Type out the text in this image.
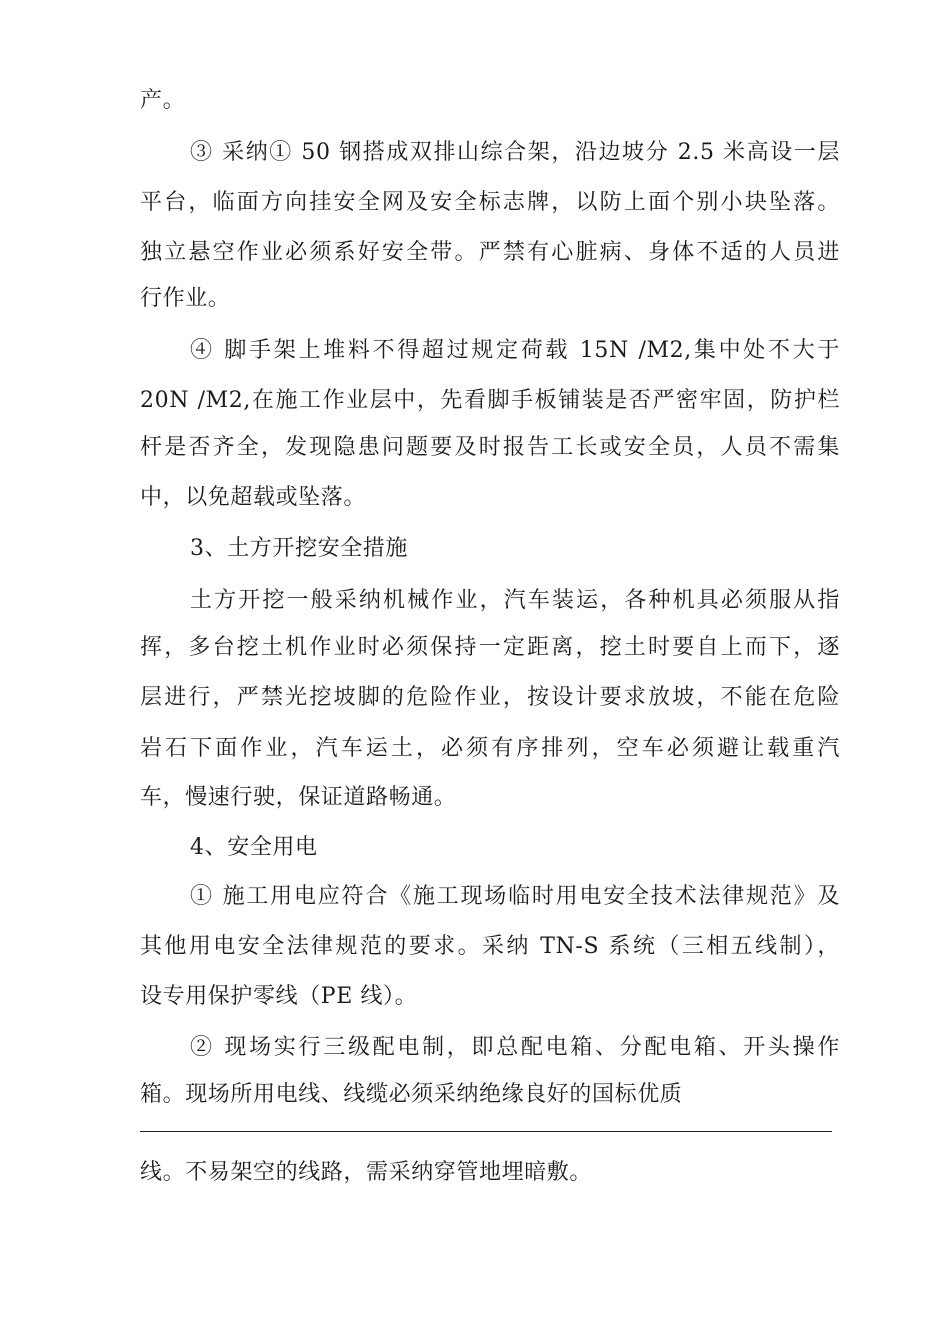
产。
③ 采纳① 50 钢搭成双排山综合架，沿边坡分 2.5 米高设一层
平台，临面方向挂安全网及安全标志牌，以防上面个别小块坠落。
独立悬空作业必须系好安全带。严禁有心脏病、身体不适的人员进
行作业。
④ 脚手架上堆料不得超过规定荷载 15N /M2,集中处不大于
20N /M2,在施工作业层中，先看脚手板铺装是否严密牢固，防护栏
杆是否齐全，发现隐患问题要及时报告工长或安全员，人员不需集
中，以免超载或坠落。
3、土方开挖安全措施
土方开挖一般采纳机械作业，汽车装运，各种机具必须服从指
挥，多台挖土机作业时必须保持一定距离，挖土时要自上而下，逐
层进行，严禁光挖坡脚的危险作业，按设计要求放坡，不能在危险
岩石下面作业，汽车运土，必须有序排列，空车必须避让载重汽
车，慢速行驶，保证道路畅通。
4、安全用电
① 施工用电应符合《施工现场临时用电安全技术法律规范》及
其他用电安全法律规范的要求。采纳 TN-S 系统（三相五线制），
设专用保护零线（PE 线）。
② 现场实行三级配电制，即总配电箱、分配电箱、开头操作
箱。现场所用电线、线缆必须采纳绝缘良好的国标优质
线。不易架空的线路，需采纳穿管地埋暗敷。
